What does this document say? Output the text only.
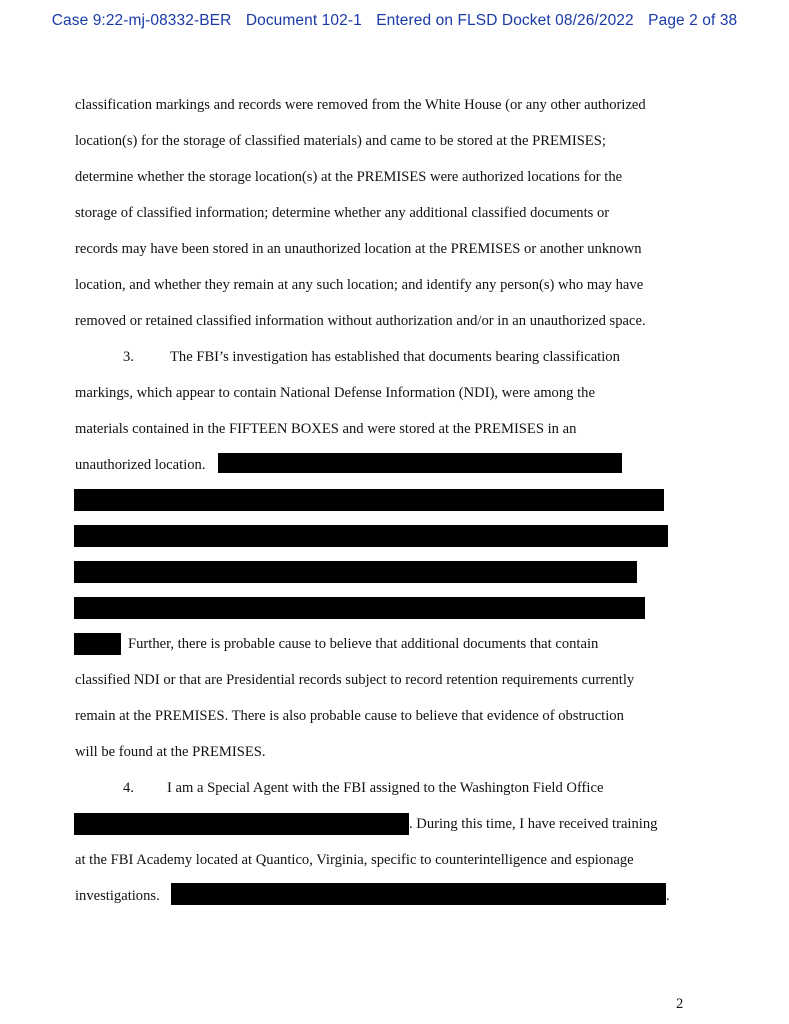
Case 9:22-mj-08332-BER Document 102-1 Entered on FLSD Docket 08/26/2022 Page 2 of 38
classification markings and records were removed from the White House (or any other authorized
location(s) for the storage of classified materials) and came to be stored at the PREMISES;
determine whether the storage location(s) at the PREMISES were authorized locations for the
storage of classified information; determine whether any additional classified documents or
records may have been stored in an unauthorized location at the PREMISES or another unknown
location, and whether they remain at any such location; and identify any person(s) who may have
removed or retained classified information without authorization and/or in an unauthorized space.
3. The FBI’s investigation has established that documents bearing classification
markings, which appear to contain National Defense Information (NDI), were among the
materials contained in the FIFTEEN BOXES and were stored at the PREMISES in an
unauthorized location.
Further, there is probable cause to believe that additional documents that contain
classified NDI or that are Presidential records subject to record retention requirements currently
remain at the PREMISES. There is also probable cause to believe that evidence of obstruction
will be found at the PREMISES.
4. I am a Special Agent with the FBI assigned to the Washington Field Office
. During this time, I have received training
at the FBI Academy located at Quantico, Virginia, specific to counterintelligence and espionage
investigations.	.
2
